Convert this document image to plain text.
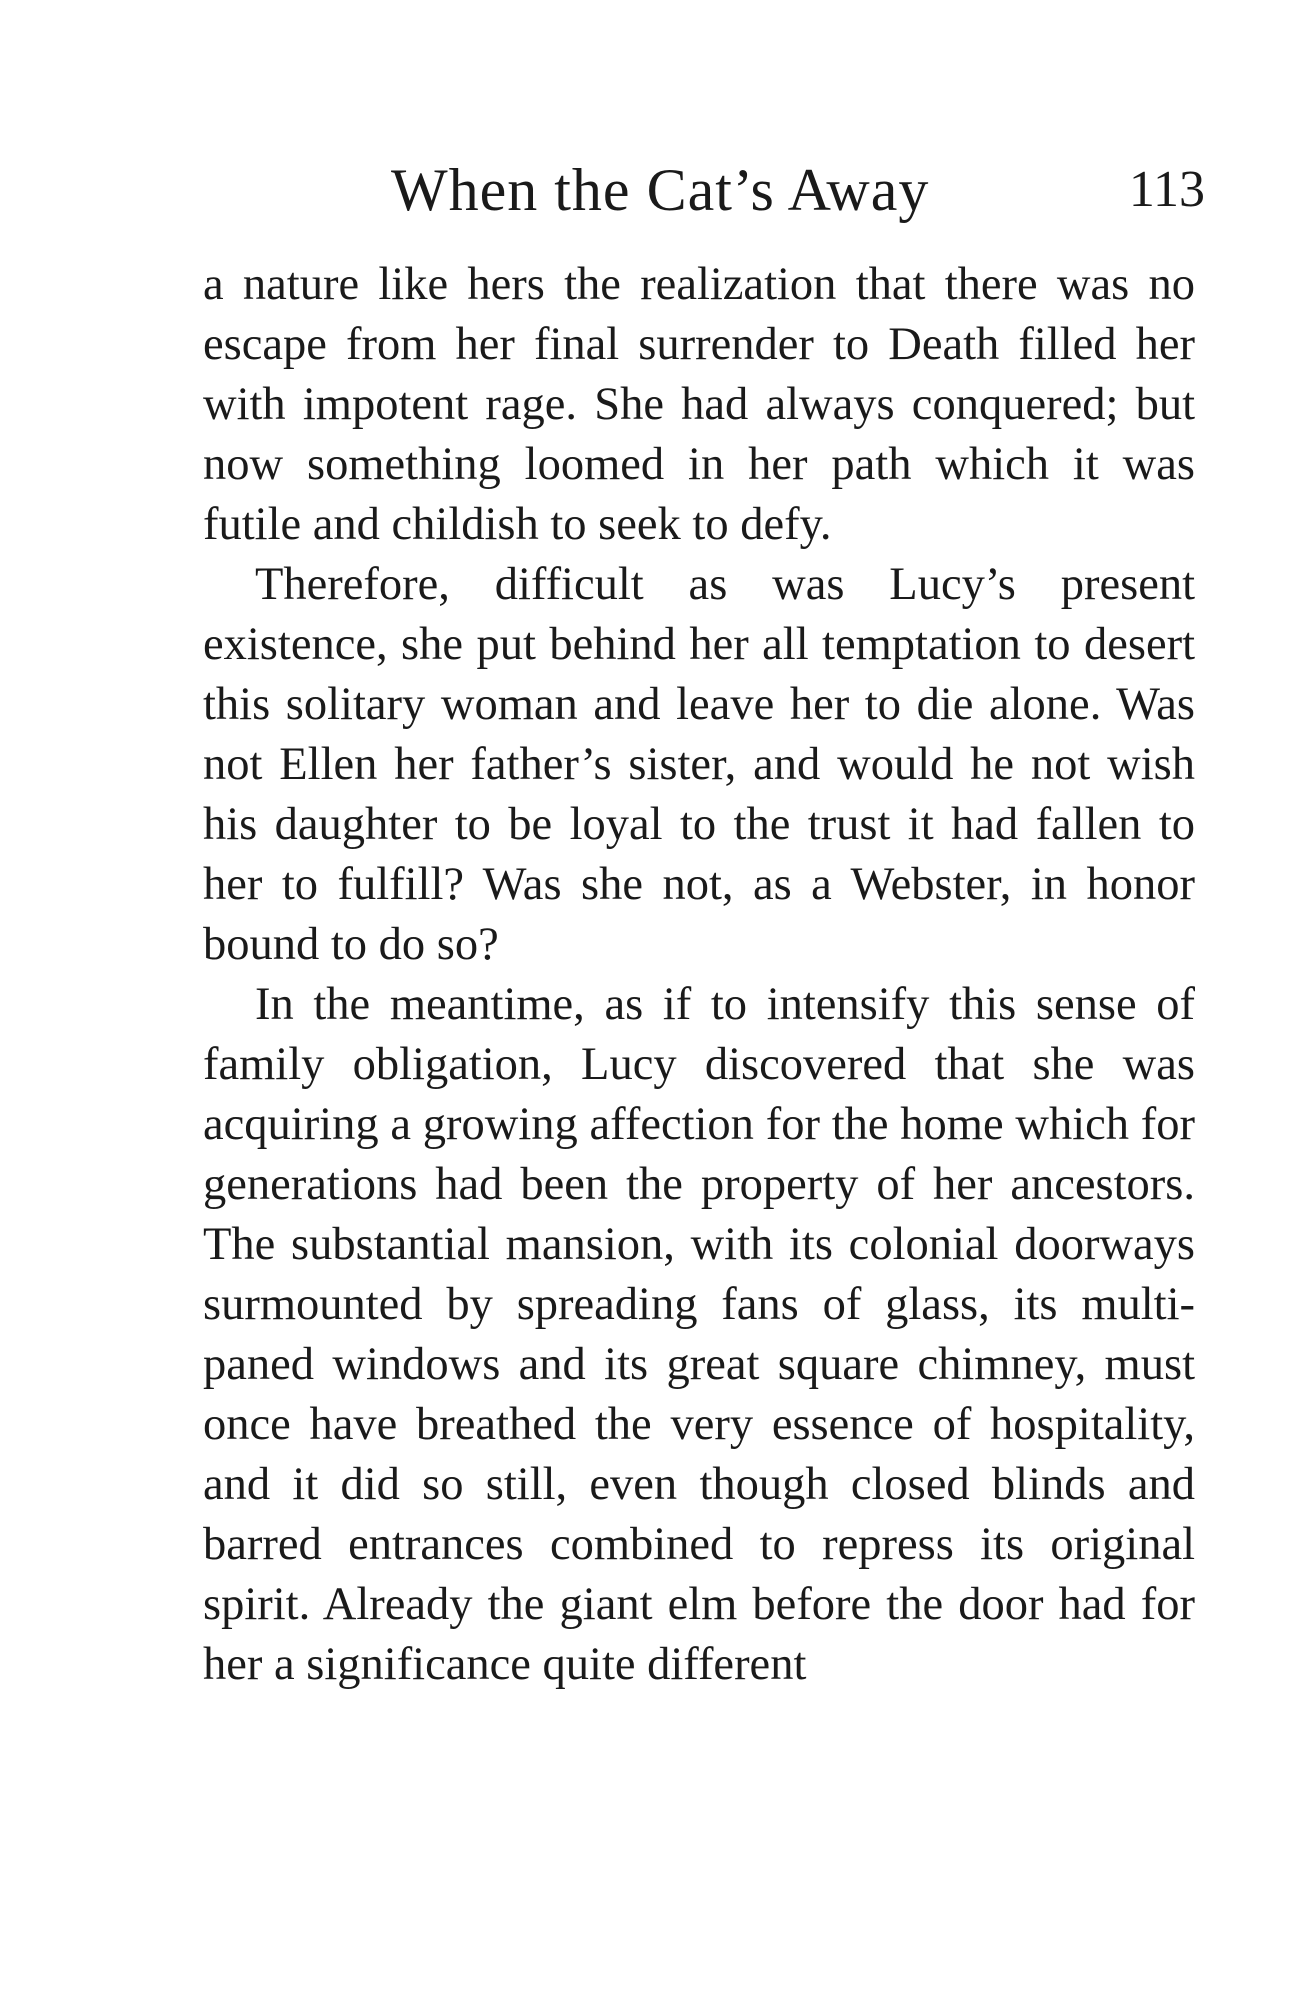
When the Cat’s Away	113

a nature like hers the realization that there was no escape from her final surrender to Death filled her with impotent rage. She had always conquered; but now something loomed in her path which it was futile and childish to seek to defy.

Therefore, difficult as was Lucy’s present existence, she put behind her all temptation to desert this solitary woman and leave her to die alone. Was not Ellen her father’s sister, and would he not wish his daughter to be loyal to the trust it had fallen to her to fulfill? Was she not, as a Webster, in honor bound to do so?

In the meantime, as if to intensify this sense of family obligation, Lucy discovered that she was acquiring a growing affection for the home which for generations had been the property of her ancestors. The substantial mansion, with its colonial doorways surmounted by spreading fans of glass, its multi-paned windows and its great square chimney, must once have breathed the very essence of hospitality, and it did so still, even though closed blinds and barred entrances combined to repress its original spirit. Already the giant elm before the door had for her a significance quite different
